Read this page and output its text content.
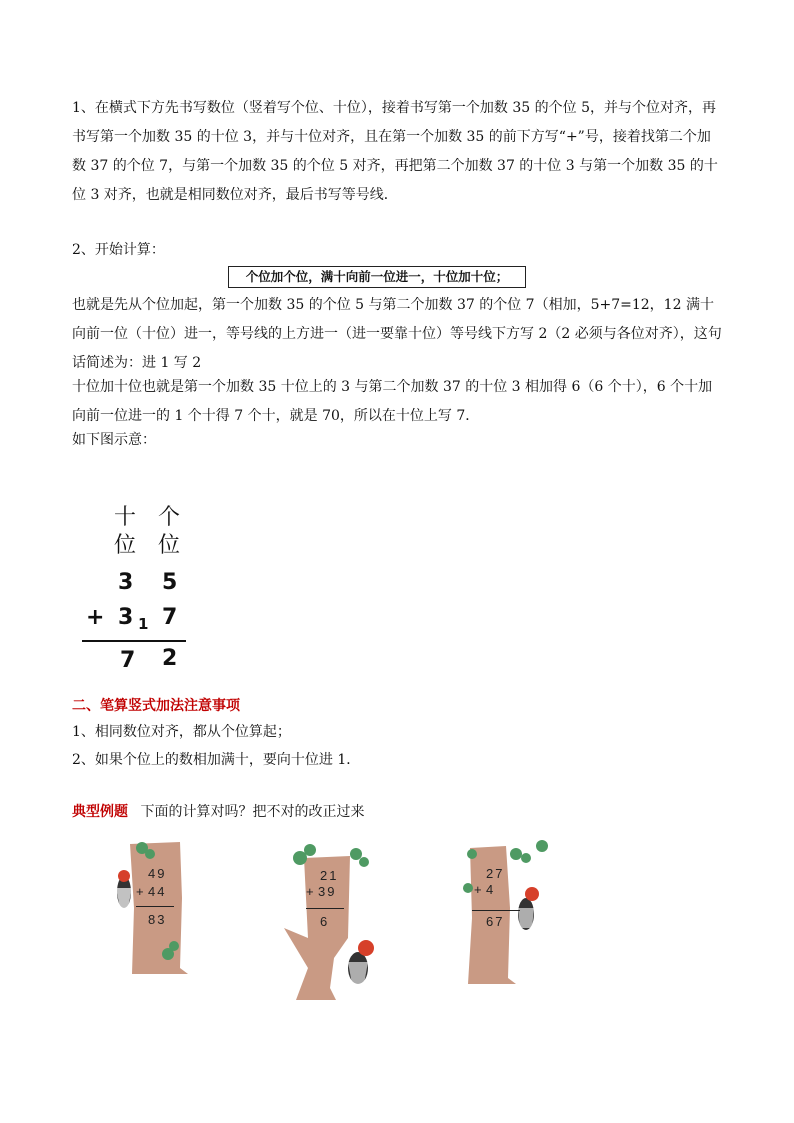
1、在横式下方先书写数位（竖着写个位、十位），接着书写第一个加数 35 的个位 5，并与个位对齐，再书写第一个加数 35 的十位 3，并与十位对齐，且在第一个加数 35 的前下方写“+”号，接着找第二个加数 37 的个位 7，与第一个加数 35 的个位 5 对齐，再把第二个加数 37 的十位 3 与第一个加数 35 的十位 3 对齐，也就是相同数位对齐，最后书写等号线．

2、开始计算：
个位加个位，满十向前一位进一，十位加十位；

也就是先从个位加起，第一个加数 35 的个位 5 与第二个加数 37 的个位 7（相加，5+7=12，12 满十向前一位（十位）进一，等号线的上方进一（进一要靠十位）等号线下方写 2（2 必须与各位对齐），这句话简述为：进 1 写 2

十位加十位也就是第一个加数 35 十位上的 3 与第二个加数 37 的十位 3 相加得 6（6 个十），6 个十加向前一位进一的 1 个十得 7 个十，就是 70，所以在十位上写 7．

如下图示意：
十
位
个
位
3 5
+ 3 1 7
7 2
二、笔算竖式加法注意事项
1、相同数位对齐，都从个位算起；
2、如果个位上的数相加满十，要向十位进 1．
典型例题 下面的计算对吗？把不对的改正过来
49
+ 44
83
21
+ 39
6
27
+ 4
67
